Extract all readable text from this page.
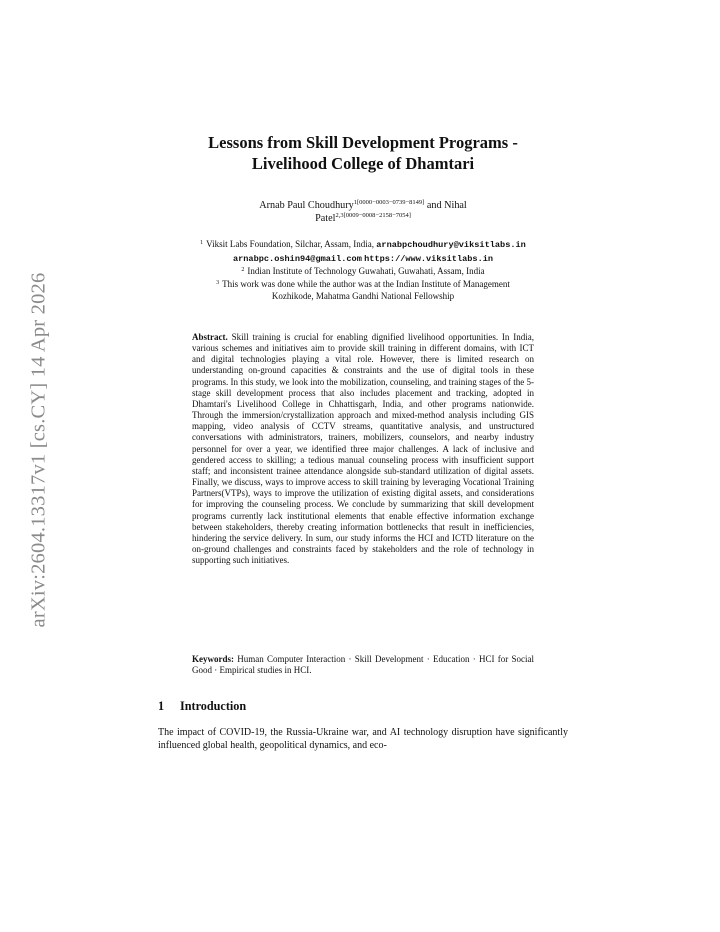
arXiv:2604.13317v1 [cs.CY] 14 Apr 2026
Lessons from Skill Development Programs -
Livelihood College of Dhamtari
Arnab Paul Choudhury$^{1[0000-0003-0739-8149]}$ and Nihal
Patel$^{2,3[0009-0008-2158-7054]}$
$^1$ Viksit Labs Foundation, Silchar, Assam, India, arnabpchoudhury@viksitlabs.in
arnabpc.oshin94@gmail.com https://www.viksitlabs.in
$^2$ Indian Institute of Technology Guwahati, Guwahati, Assam, India
$^3$ This work was done while the author was at the Indian Institute of Management
Kozhikode, Mahatma Gandhi National Fellowship
Abstract. Skill training is crucial for enabling dignified livelihood opportunities. In India, various schemes and initiatives aim to provide skill training in different domains, with ICT and digital technologies playing a vital role. However, there is limited research on understanding on-ground capacities & constraints and the use of digital tools in these programs. In this study, we look into the mobilization, counseling, and training stages of the 5-stage skill development process that also includes placement and tracking, adopted in Dhamtari's Livelihood College in Chhattisgarh, India, and other programs nationwide. Through the immersion/crystallization approach and mixed-method analysis including GIS mapping, video analysis of CCTV streams, quantitative analysis, and unstructured conversations with administrators, trainers, mobilizers, counselors, and nearby industry personnel for over a year, we identified three major challenges. A lack of inclusive and gendered access to skilling; a tedious manual counseling process with insufficient support staff; and inconsistent trainee attendance alongside sub-standard utilization of digital assets. Finally, we discuss, ways to improve access to skill training by leveraging Vocational Training Partners(VTPs), ways to improve the utilization of existing digital assets, and considerations for improving the counseling process. We conclude by summarizing that skill development programs currently lack institutional elements that enable effective information exchange between stakeholders, thereby creating information bottlenecks that result in inefficiencies, hindering the service delivery. In sum, our study informs the HCI and ICTD literature on the on-ground challenges and constraints faced by stakeholders and the role of technology in supporting such initiatives.
Keywords: Human Computer Interaction · Skill Development · Education · HCI for Social Good · Empirical studies in HCI.
1 Introduction
The impact of COVID-19, the Russia-Ukraine war, and AI technology disruption have significantly influenced global health, geopolitical dynamics, and eco-
